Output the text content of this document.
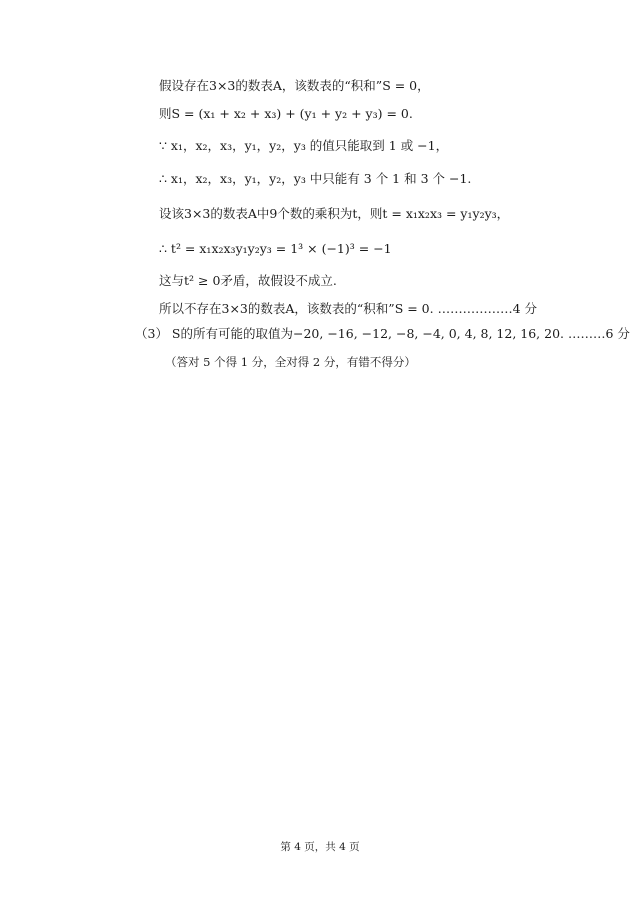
假设存在3×3的数表A，该数表的“积和”S = 0，
则S = (x₁ + x₂ + x₃) + (y₁ + y₂ + y₃) = 0.
∵ x₁，x₂，x₃，y₁，y₂，y₃ 的值只能取到 1 或 −1，
∴ x₁，x₂，x₃，y₁，y₂，y₃ 中只能有 3 个 1 和 3 个 −1.
设该3×3的数表A中9个数的乘积为t，则t = x₁x₂x₃ = y₁y₂y₃，
∴ t² = x₁x₂x₃y₁y₂y₃ = 1³ × (−1)³ = −1
这与t² ≥ 0矛盾，故假设不成立.
所以不存在3×3的数表A，该数表的“积和”S = 0. ………………4 分
（3） S的所有可能的取值为−20, −16, −12, −8, −4, 0, 4, 8, 12, 16, 20. ………6 分
（答对 5 个得 1 分，全对得 2 分，有错不得分）
第 4 页，共 4 页
